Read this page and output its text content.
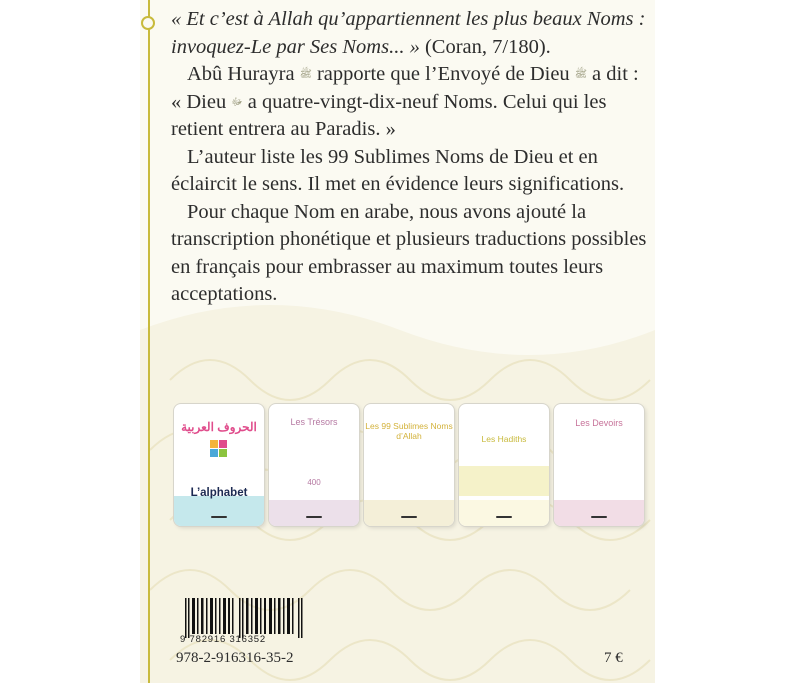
« Et c’est à Allah qu’appartiennent les plus beaux Noms : invoquez-Le par Ses Noms... » (Coran, 7/180).

Abû Hurayra ﷺ rapporte que l’Envoyé de Dieu ﷺ a dit : « Dieu ﷻ a quatre-vingt-dix-neuf Noms. Celui qui les retient entrera au Paradis. »

L’auteur liste les 99 Sublimes Noms de Dieu et en éclaircit le sens. Il met en évidence leurs significations.

Pour chaque Nom en arabe, nous avons ajouté la transcription phonétique et plusieurs traductions possibles en français pour embrasser au maximum toutes leurs acceptations.

الحروف العربية
L’alphabet
Les Trésors
400
Les 99 Sublimes Noms d’Allah	Les Hadiths
Les Devoirs
9 782916 316352
978-2-916316-35-2	7 €
